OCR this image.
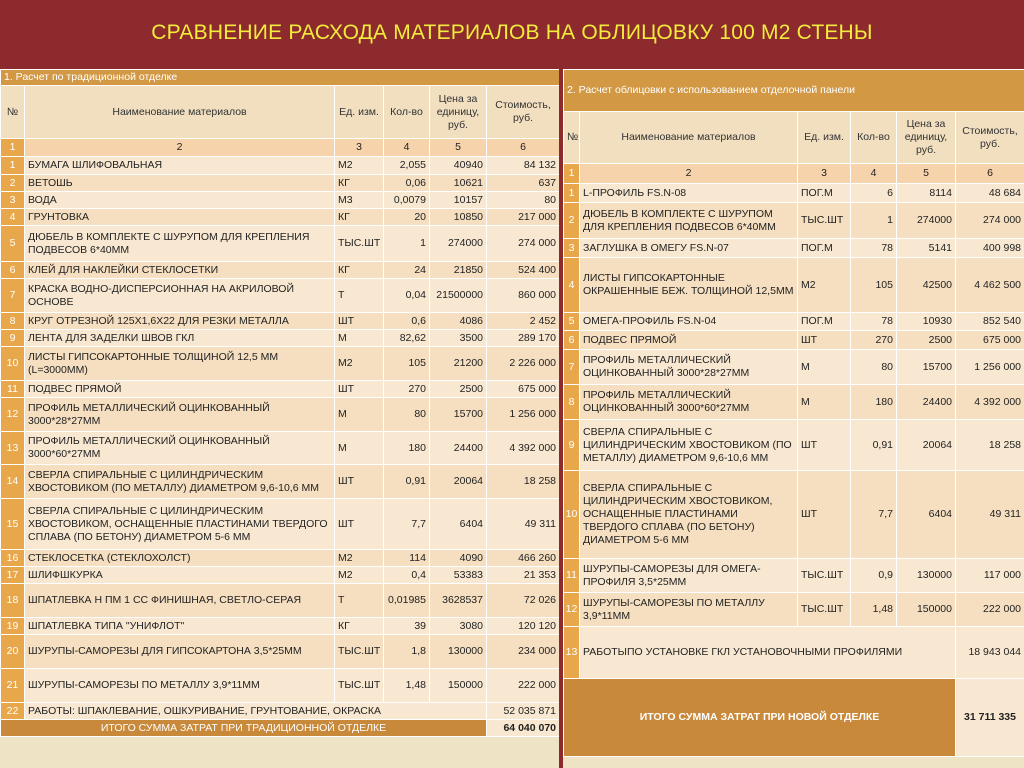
СРАВНЕНИЕ РАСХОДА МАТЕРИАЛОВ НА ОБЛИЦОВКУ 100 М2 СТЕНЫ
1. Расчет по традиционной отделке					
№	Наименование материалов	Ед. изм.	Кол-во	Цена за единицу, руб.	Стоимость, руб.
1	2	3	4	5	6
1	БУМАГА ШЛИФОВАЛЬНАЯ	М2	2,055	40940	84 132
2	ВЕТОШЬ	КГ	0,06	10621	637
3	ВОДА	М3	0,0079	10157	80
4	ГРУНТОВКА	КГ	20	10850	217 000
5	ДЮБЕЛЬ В КОМПЛЕКТЕ С ШУРУПОМ ДЛЯ КРЕПЛЕНИЯ ПОДВЕСОВ 6*40ММ	ТЫС.ШТ	1	274000	274 000
6	КЛЕЙ ДЛЯ НАКЛЕЙКИ СТЕКЛОСЕТКИ	КГ	24	21850	524 400
7	КРАСКА ВОДНО-ДИСПЕРСИОННАЯ НА АКРИЛОВОЙ ОСНОВЕ	Т	0,04	21500000	860 000
8	КРУГ ОТРЕЗНОЙ 125Х1,6Х22 ДЛЯ РЕЗКИ МЕТАЛЛА	ШТ	0,6	4086	2 452
9	ЛЕНТА ДЛЯ ЗАДЕЛКИ ШВОВ ГКЛ	М	82,62	3500	289 170
10	ЛИСТЫ ГИПСОКАРТОННЫЕ ТОЛЩИНОЙ 12,5 ММ (L=3000ММ)	М2	105	21200	2 226 000
11	ПОДВЕС ПРЯМОЙ	ШТ	270	2500	675 000
12	ПРОФИЛЬ МЕТАЛЛИЧЕСКИЙ ОЦИНКОВАННЫЙ 3000*28*27ММ	М	80	15700	1 256 000
13	ПРОФИЛЬ МЕТАЛЛИЧЕСКИЙ ОЦИНКОВАННЫЙ 3000*60*27ММ	М	180	24400	4 392 000
14	СВЕРЛА СПИРАЛЬНЫЕ С ЦИЛИНДРИЧЕСКИМ ХВОСТОВИКОМ (ПО МЕТАЛЛУ) ДИАМЕТРОМ 9,6-10,6 ММ	ШТ	0,91	20064	18 258
15	СВЕРЛА СПИРАЛЬНЫЕ С ЦИЛИНДРИЧЕСКИМ ХВОСТОВИКОМ, ОСНАЩЕННЫЕ ПЛАСТИНАМИ ТВЕРДОГО СПЛАВА (ПО БЕТОНУ) ДИАМЕТРОМ 5-6 ММ	ШТ	7,7	6404	49 311
16	СТЕКЛОСЕТКА (СТЕКЛОХОЛСТ)	М2	114	4090	466 260
17	ШЛИФШКУРКА	М2	0,4	53383	21 353
18	ШПАТЛЕВКА Н ПМ 1 СС ФИНИШНАЯ, СВЕТЛО-СЕРАЯ	Т	0,01985	3628537	72 026
19	ШПАТЛЕВКА ТИПА "УНИФЛОТ"	КГ	39	3080	120 120
20	ШУРУПЫ-САМОРЕЗЫ ДЛЯ ГИПСОКАРТОНА 3,5*25ММ	ТЫС.ШТ	1,8	130000	234 000
21	ШУРУПЫ-САМОРЕЗЫ ПО МЕТАЛЛУ 3,9*11ММ	ТЫС.ШТ	1,48	150000	222 000
22	РАБОТЫ: ШПАКЛЕВАНИЕ, ОШКУРИВАНИЕ, ГРУНТОВАНИЕ, ОКРАСКА				52 035 871
ИТОГО СУММА ЗАТРАТ ПРИ ТРАДИЦИОННОЙ ОТДЕЛКЕ					64 040 070
2. Расчет облицовки с использованием отделочной панели					
№	Наименование материалов	Ед. изм.	Кол-во	Цена за единицу, руб.	Стоимость, руб.
1	2	3	4	5	6
1	L-ПРОФИЛЬ FS.N-08	ПОГ.М	6	8114	48 684
2	ДЮБЕЛЬ В КОМПЛЕКТЕ С ШУРУПОМ ДЛЯ КРЕПЛЕНИЯ ПОДВЕСОВ 6*40ММ	ТЫС.ШТ	1	274000	274 000
3	ЗАГЛУШКА В ОМЕГУ FS.N-07	ПОГ.М	78	5141	400 998
4	ЛИСТЫ ГИПСОКАРТОННЫЕ ОКРАШЕННЫЕ БЕЖ. ТОЛЩИНОЙ 12,5ММ	М2	105	42500	4 462 500
5	ОМЕГА-ПРОФИЛЬ FS.N-04	ПОГ.М	78	10930	852 540
6	ПОДВЕС ПРЯМОЙ	ШТ	270	2500	675 000
7	ПРОФИЛЬ МЕТАЛЛИЧЕСКИЙ ОЦИНКОВАННЫЙ 3000*28*27ММ	М	80	15700	1 256 000
8	ПРОФИЛЬ МЕТАЛЛИЧЕСКИЙ ОЦИНКОВАННЫЙ 3000*60*27ММ	М	180	24400	4 392 000
9	СВЕРЛА СПИРАЛЬНЫЕ С ЦИЛИНДРИЧЕСКИМ ХВОСТОВИКОМ (ПО МЕТАЛЛУ) ДИАМЕТРОМ 9,6-10,6 ММ	ШТ	0,91	20064	18 258
10	СВЕРЛА СПИРАЛЬНЫЕ С ЦИЛИНДРИЧЕСКИМ ХВОСТОВИКОМ, ОСНАЩЕННЫЕ ПЛАСТИНАМИ ТВЕРДОГО СПЛАВА (ПО БЕТОНУ) ДИАМЕТРОМ 5-6 ММ	ШТ	7,7	6404	49 311
11	ШУРУПЫ-САМОРЕЗЫ ДЛЯ ОМЕГА-ПРОФИЛЯ 3,5*25ММ	ТЫС.ШТ	0,9	130000	117 000
12	ШУРУПЫ-САМОРЕЗЫ ПО МЕТАЛЛУ 3,9*11ММ	ТЫС.ШТ	1,48	150000	222 000
13	РАБОТЫПО УСТАНОВКЕ ГКЛ УСТАНОВОЧНЫМИ ПРОФИЛЯМИ				18 943 044
ИТОГО СУММА ЗАТРАТ ПРИ НОВОЙ ОТДЕЛКЕ					31 711 335
